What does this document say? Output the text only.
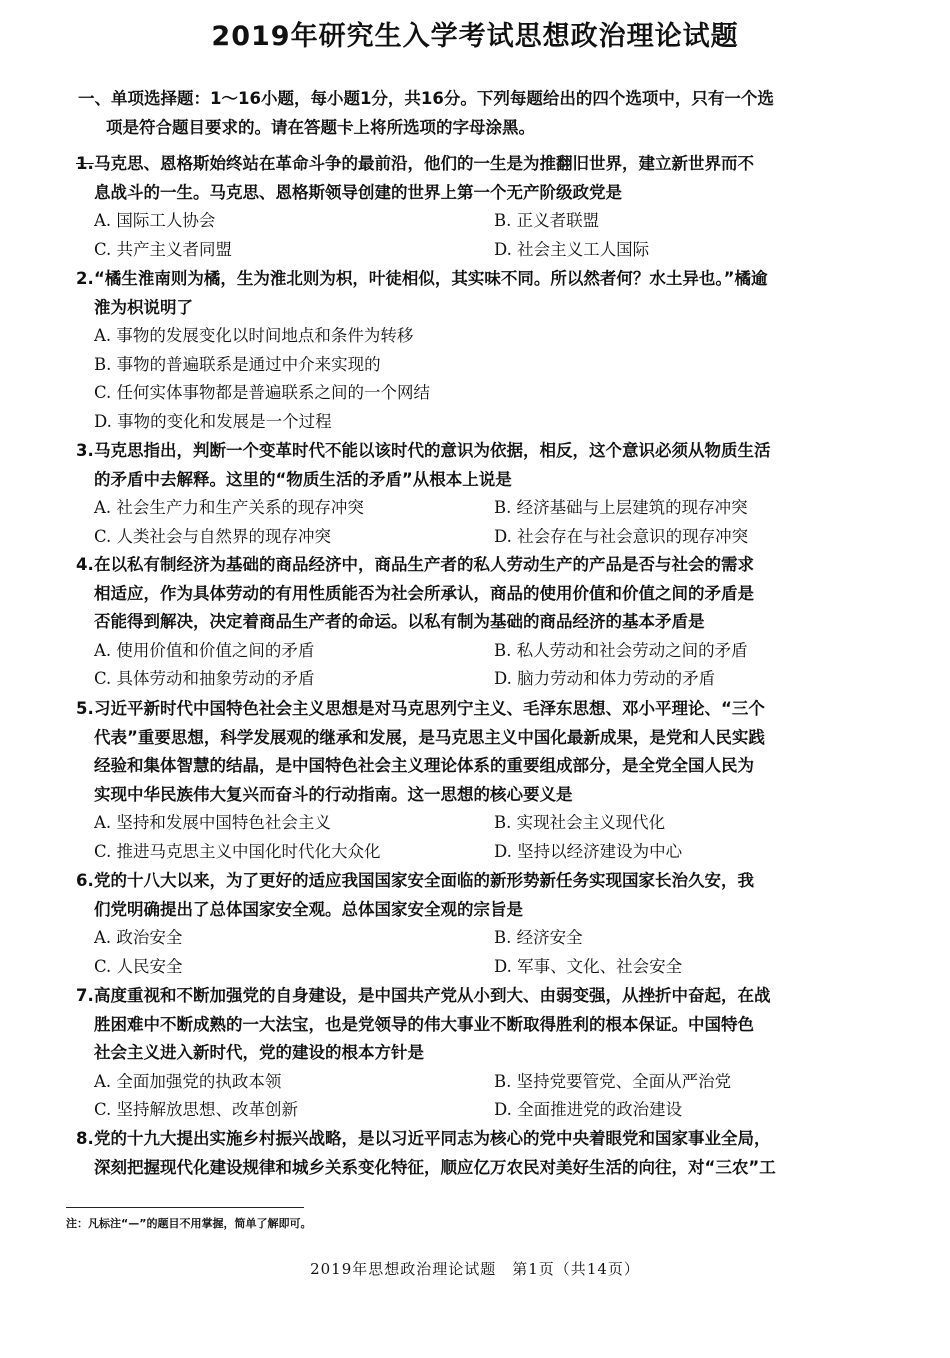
2019年研究生入学考试思想政治理论试题
一、单项选择题：1～16小题，每小题1分，共16分。下列每题给出的四个选项中，只有一个选
项是符合题目要求的。请在答题卡上将所选项的字母涂黑。
1.马克思、恩格斯始终站在革命斗争的最前沿，他们的一生是为推翻旧世界，建立新世界而不
息战斗的一生。马克思、恩格斯领导创建的世界上第一个无产阶级政党是
A. 国际工人协会	B. 正义者联盟
C. 共产主义者同盟	D. 社会主义工人国际
2.“橘生淮南则为橘，生为淮北则为枳，叶徒相似，其实味不同。所以然者何？水土异也。”橘逾
淮为枳说明了
A. 事物的发展变化以时间地点和条件为转移
B. 事物的普遍联系是通过中介来实现的
C. 任何实体事物都是普遍联系之间的一个网结
D. 事物的变化和发展是一个过程
3.马克思指出，判断一个变革时代不能以该时代的意识为依据，相反，这个意识必须从物质生活
的矛盾中去解释。这里的“物质生活的矛盾”从根本上说是
A. 社会生产力和生产关系的现存冲突	B. 经济基础与上层建筑的现存冲突
C. 人类社会与自然界的现存冲突	D. 社会存在与社会意识的现存冲突
4.在以私有制经济为基础的商品经济中，商品生产者的私人劳动生产的产品是否与社会的需求
相适应，作为具体劳动的有用性质能否为社会所承认，商品的使用价值和价值之间的矛盾是
否能得到解决，决定着商品生产者的命运。以私有制为基础的商品经济的基本矛盾是
A. 使用价值和价值之间的矛盾	B. 私人劳动和社会劳动之间的矛盾
C. 具体劳动和抽象劳动的矛盾	D. 脑力劳动和体力劳动的矛盾
5.习近平新时代中国特色社会主义思想是对马克思列宁主义、毛泽东思想、邓小平理论、“三个
代表”重要思想，科学发展观的继承和发展，是马克思主义中国化最新成果，是党和人民实践
经验和集体智慧的结晶，是中国特色社会主义理论体系的重要组成部分，是全党全国人民为
实现中华民族伟大复兴而奋斗的行动指南。这一思想的核心要义是
A. 坚持和发展中国特色社会主义	B. 实现社会主义现代化
C. 推进马克思主义中国化时代化大众化	D. 坚持以经济建设为中心
6.党的十八大以来，为了更好的适应我国国家安全面临的新形势新任务实现国家长治久安，我
们党明确提出了总体国家安全观。总体国家安全观的宗旨是
A. 政治安全	B. 经济安全
C. 人民安全	D. 军事、文化、社会安全
7.高度重视和不断加强党的自身建设，是中国共产党从小到大、由弱变强，从挫折中奋起，在战
胜困难中不断成熟的一大法宝，也是党领导的伟大事业不断取得胜利的根本保证。中国特色
社会主义进入新时代，党的建设的根本方针是
A. 全面加强党的执政本领	B. 坚持党要管党、全面从严治党
C. 坚持解放思想、改革创新	D. 全面推进党的政治建设
8.党的十九大提出实施乡村振兴战略，是以习近平同志为核心的党中央着眼党和国家事业全局，
深刻把握现代化建设规律和城乡关系变化特征，顺应亿万农民对美好生活的向往，对“三农”工
注：凡标注“—”的题目不用掌握，简单了解即可。
2019年思想政治理论试题　第1页（共14页）
